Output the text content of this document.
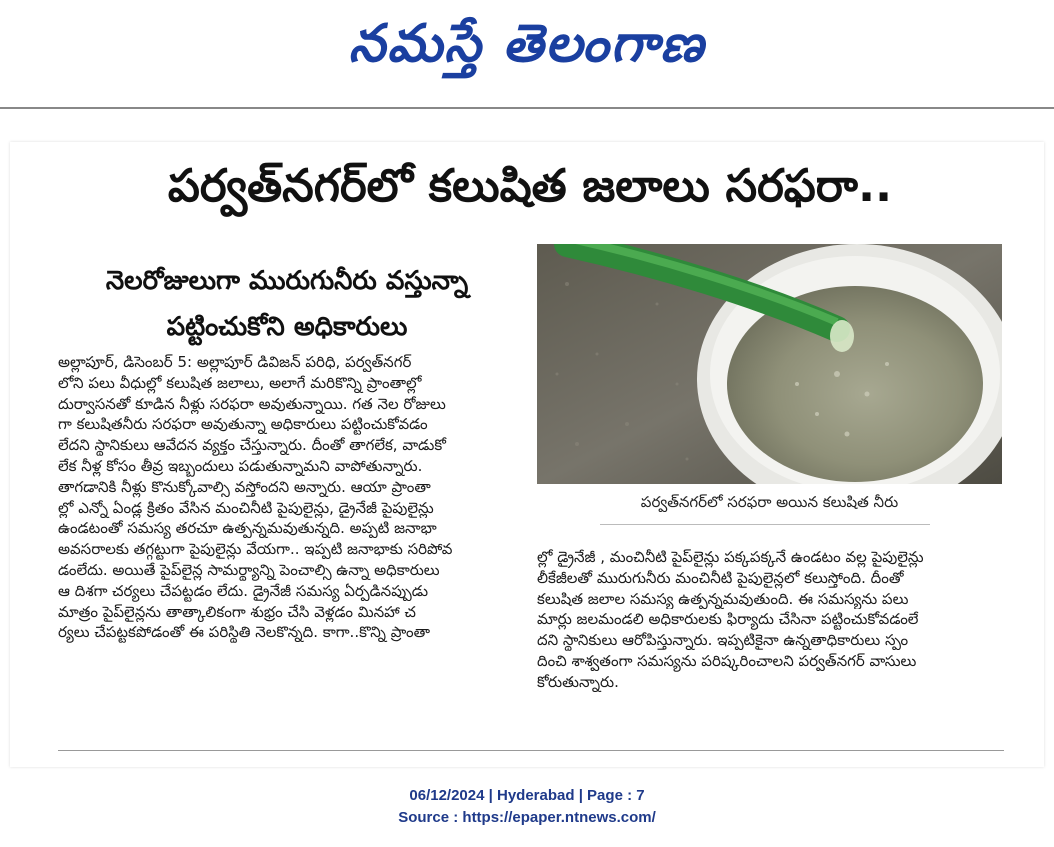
నమస్తే తెలంగాణ
పర్వత్‌నగర్‌లో కలుషిత జలాలు సరఫరా..
నెలరోజులుగా మురుగునీరు వస్తున్నా
పట్టించుకోని అధికారులు
అల్లాపూర్‌, డిసెంబర్‌ 5: అల్లాపూర్‌ డివిజన్‌ పరిధి, పర్వత్‌నగర్‌
లోని పలు వీధుల్లో కలుషిత జలాలు, అలాగే మరికొన్ని ప్రాంతాల్లో
దుర్వాసనతో కూడిన నీళ్లు సరఫరా అవుతున్నాయి. గత నెల రోజులు
గా కలుషితనీరు సరఫరా అవుతున్నా అధికారులు పట్టించుకోవడం
లేదని స్థానికులు ఆవేదన వ్యక్తం చేస్తున్నారు. దీంతో తాగలేక, వాడుకో
లేక నీళ్ల కోసం తీవ్ర ఇబ్బందులు పడుతున్నామని వాపోతున్నారు.
తాగడానికి నీళ్లు కొనుక్కోవాల్సి వస్తోందని అన్నారు. ఆయా ప్రాంతా
ల్లో ఎన్నో ఏండ్ల క్రితం వేసిన మంచినీటి పైపులైన్లు, డ్రైనేజీ పైపులైన్లు
ఉండటంతో సమస్య తరచూ ఉత్పన్నమవుతున్నది. అప్పటి జనాభా
అవసరాలకు తగ్గట్టుగా పైపులైన్లు వేయగా.. ఇప్పటి జనాభాకు సరిపోవ
డంలేదు. అయితే పైప్‌లైన్ల సామర్థ్యాన్ని పెంచాల్సి ఉన్నా అధికారులు
ఆ దిశగా చర్యలు చేపట్టడం లేదు. డ్రైనేజీ సమస్య ఏర్పడినప్పుడు
మాత్రం పైప్‌లైన్లను తాత్కాలికంగా శుభ్రం చేసి వెళ్లడం మినహా చ
ర్యలు చేపట్టకపోడంతో ఈ పరిస్థితి నెలకొన్నది. కాగా..కొన్ని ప్రాంతా
పర్వత్‌నగర్‌లో సరఫరా అయిన కలుషిత నీరు
ల్లో డ్రైనేజీ , మంచినీటి పైప్‌లైన్లు పక్కపక్కనే ఉండటం వల్ల పైపులైన్లు
లీకేజీలతో మురుగునీరు మంచినీటి పైపులైన్లలో కలుస్తోంది. దీంతో
కలుషిత జలాల సమస్య ఉత్పన్నమవుతుంది. ఈ సమస్యను పలు
మార్లు జలమండలి అధికారులకు ఫిర్యాదు చేసినా పట్టించుకోవడంలే
దని స్థానికులు ఆరోపిస్తున్నారు. ఇప్పటికైనా ఉన్నతాధికారులు స్పం
దించి శాశ్వతంగా సమస్యను పరిష్కరించాలని పర్వత్‌నగర్‌ వాసులు
కోరుతున్నారు.
06/12/2024 | Hyderabad | Page : 7
Source : https://epaper.ntnews.com/
